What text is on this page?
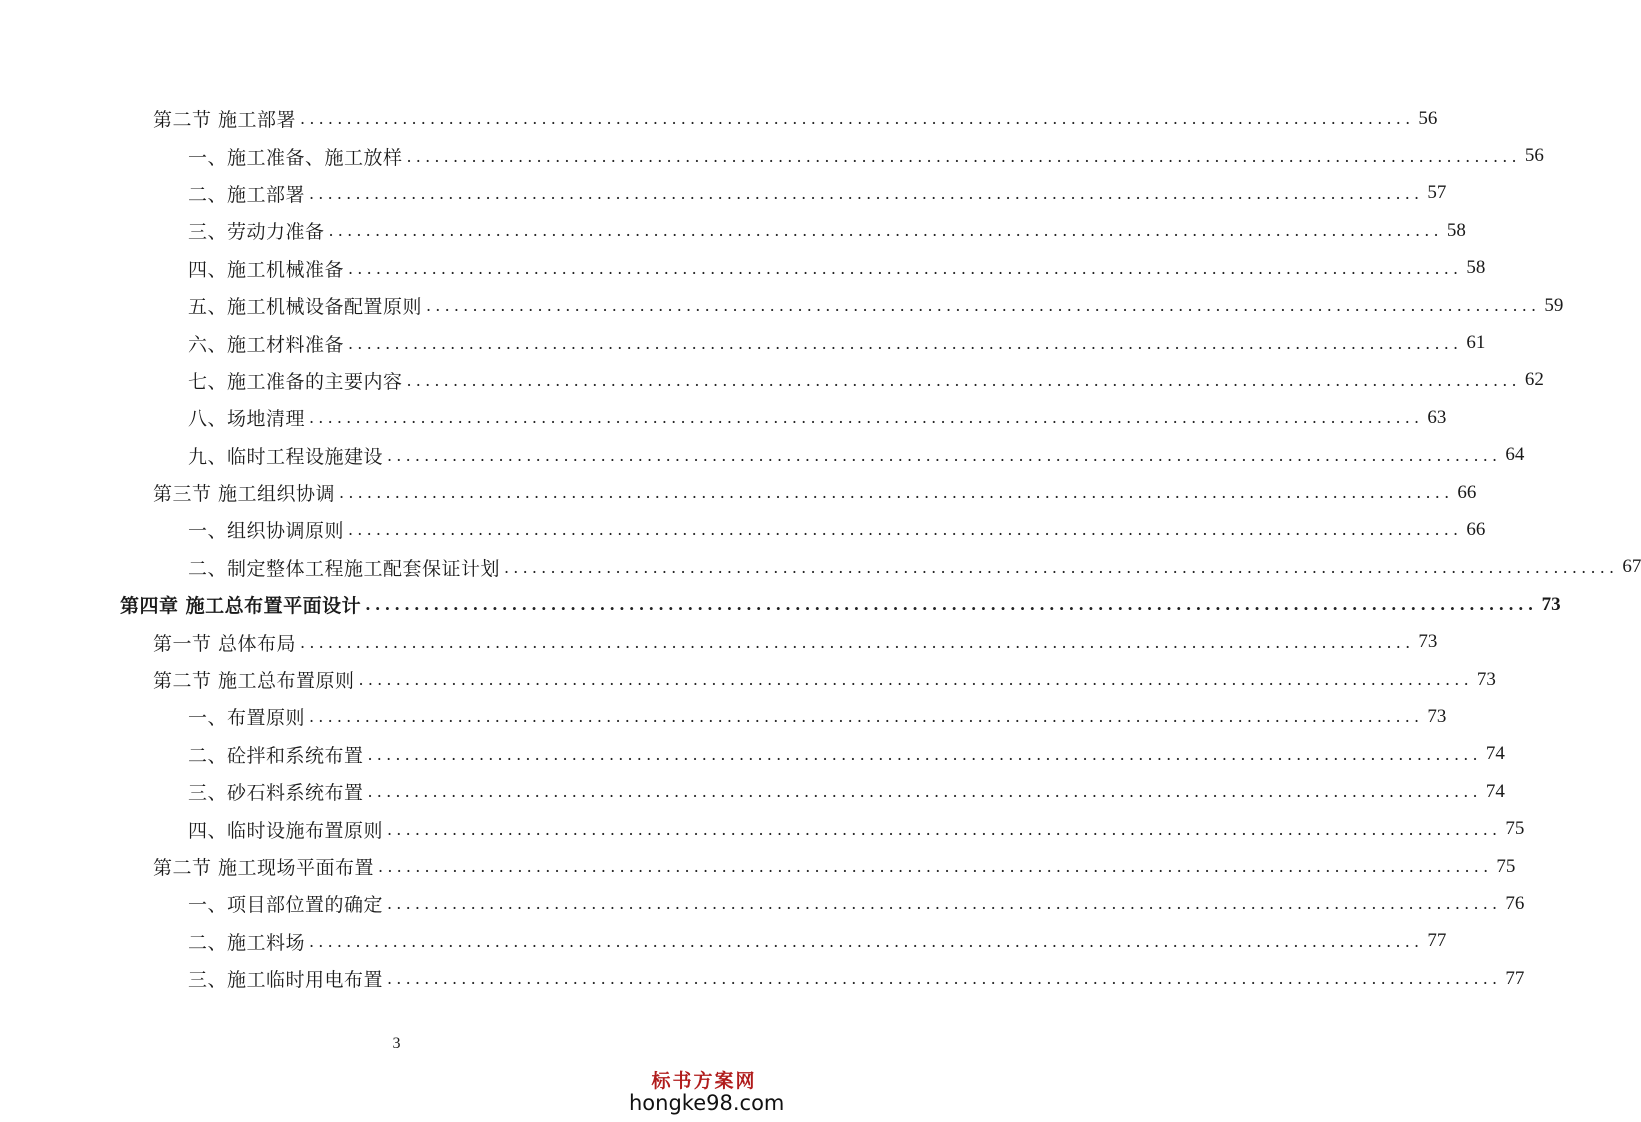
第二节 施工部署 ........................................................................................................................ 56
一、施工准备、施工放样 ........................................................................................................................ 56
二、施工部署 ........................................................................................................................ 57
三、劳动力准备 ........................................................................................................................ 58
四、施工机械准备 ........................................................................................................................ 58
五、施工机械设备配置原则 ........................................................................................................................ 59
六、施工材料准备 ........................................................................................................................ 61
七、施工准备的主要内容 ........................................................................................................................ 62
八、场地清理 ........................................................................................................................ 63
九、临时工程设施建设 ........................................................................................................................ 64
第三节 施工组织协调 ........................................................................................................................ 66
一、组织协调原则 ........................................................................................................................ 66
二、制定整体工程施工配套保证计划 ........................................................................................................................ 67
第四章 施工总布置平面设计 ........................................................................................................................ 73
第一节 总体布局 ........................................................................................................................ 73
第二节 施工总布置原则 ........................................................................................................................ 73
一、布置原则 ........................................................................................................................ 73
二、砼拌和系统布置 ........................................................................................................................ 74
三、砂石料系统布置 ........................................................................................................................ 74
四、临时设施布置原则 ........................................................................................................................ 75
第二节 施工现场平面布置 ........................................................................................................................ 75
一、项目部位置的确定 ........................................................................................................................ 76
二、施工料场 ........................................................................................................................ 77
三、施工临时用电布置 ........................................................................................................................ 77
3
标书方案网
hongke98.com
